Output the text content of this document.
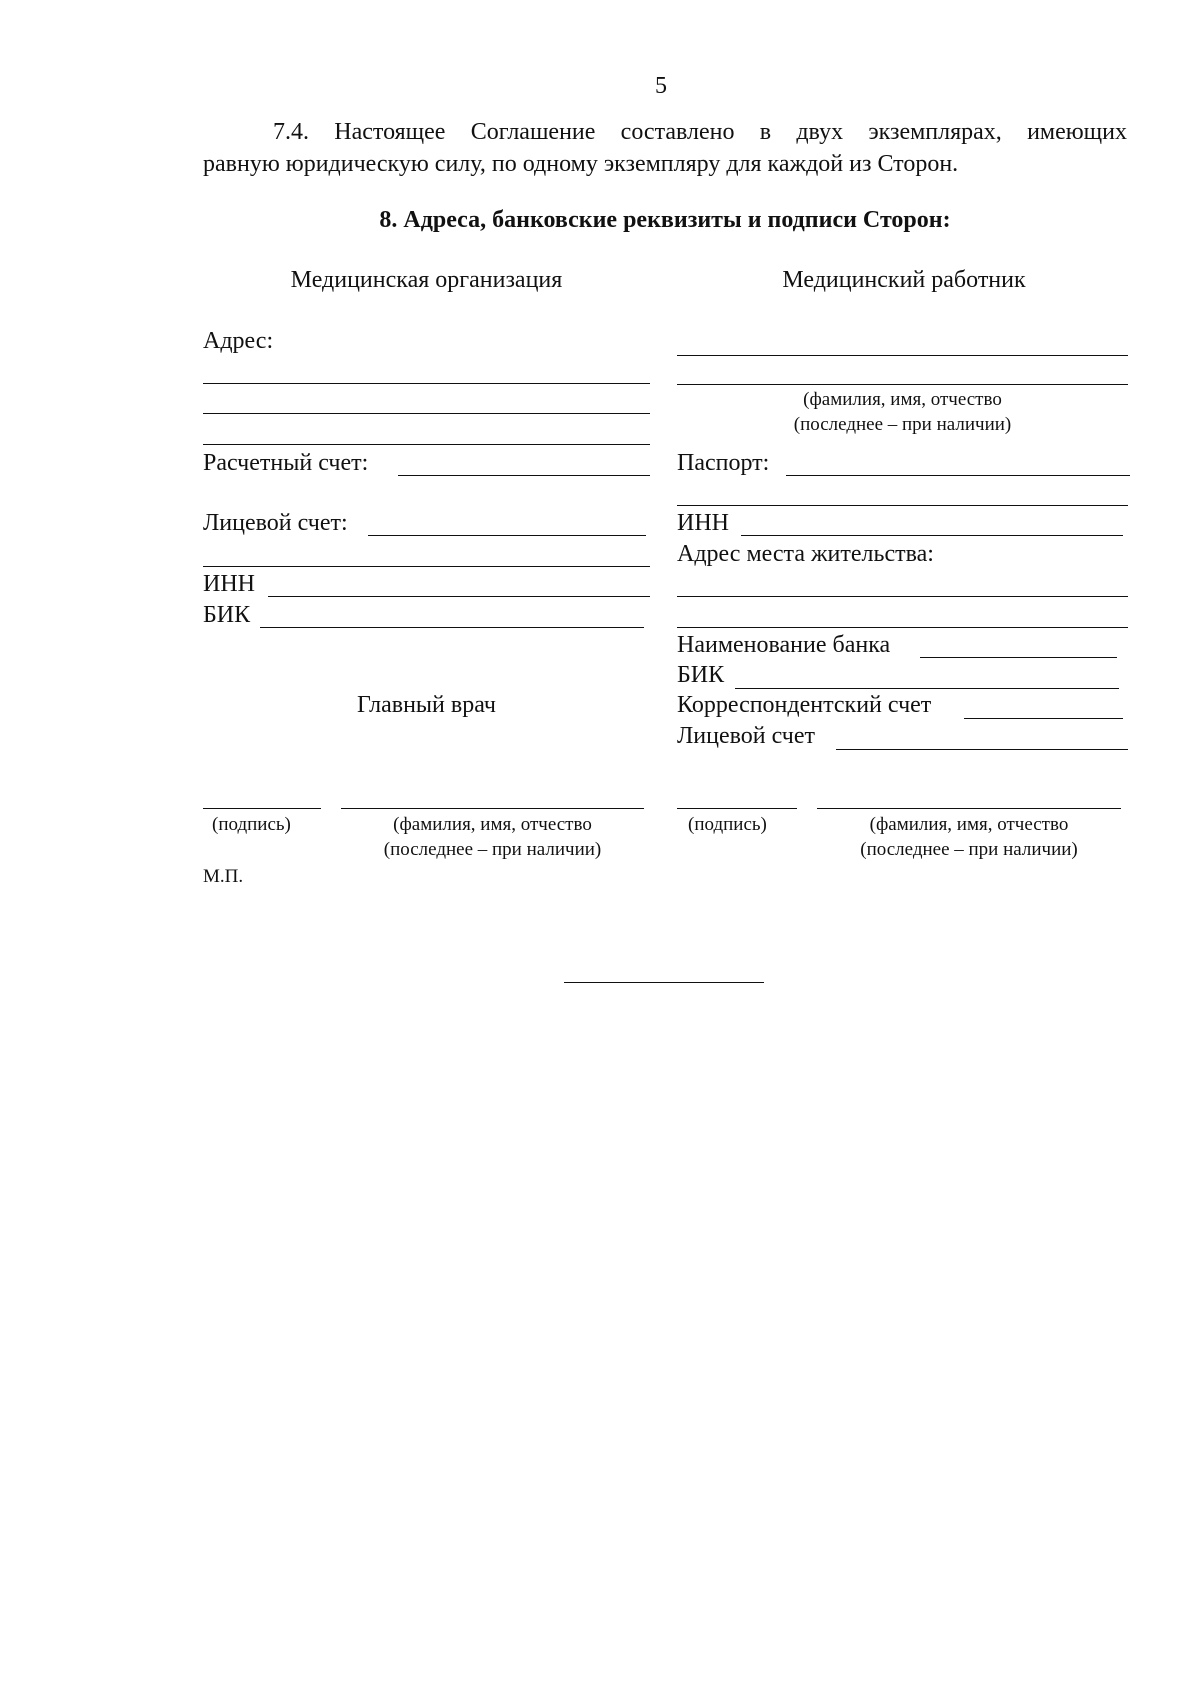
5
7.4. Настоящее Соглашение составлено в двух экземплярах, имеющих
равную юридическую силу, по одному экземпляру для каждой из Сторон.
8. Адреса, банковские реквизиты и подписи Сторон:
Медицинская организация
Адрес:
Расчетный счет:
Лицевой счет:
ИНН
БИК
Главный врач
(подпись)	(фамилия, имя, отчество
(последнее – при наличии)
М.П.
Медицинский работник
(фамилия, имя, отчество
(последнее – при наличии)
Паспорт:
ИНН
Адрес места жительства:
Наименование банка
БИК
Корреспондентский счет
Лицевой счет
(подпись)	(фамилия, имя, отчество
(последнее – при наличии)
